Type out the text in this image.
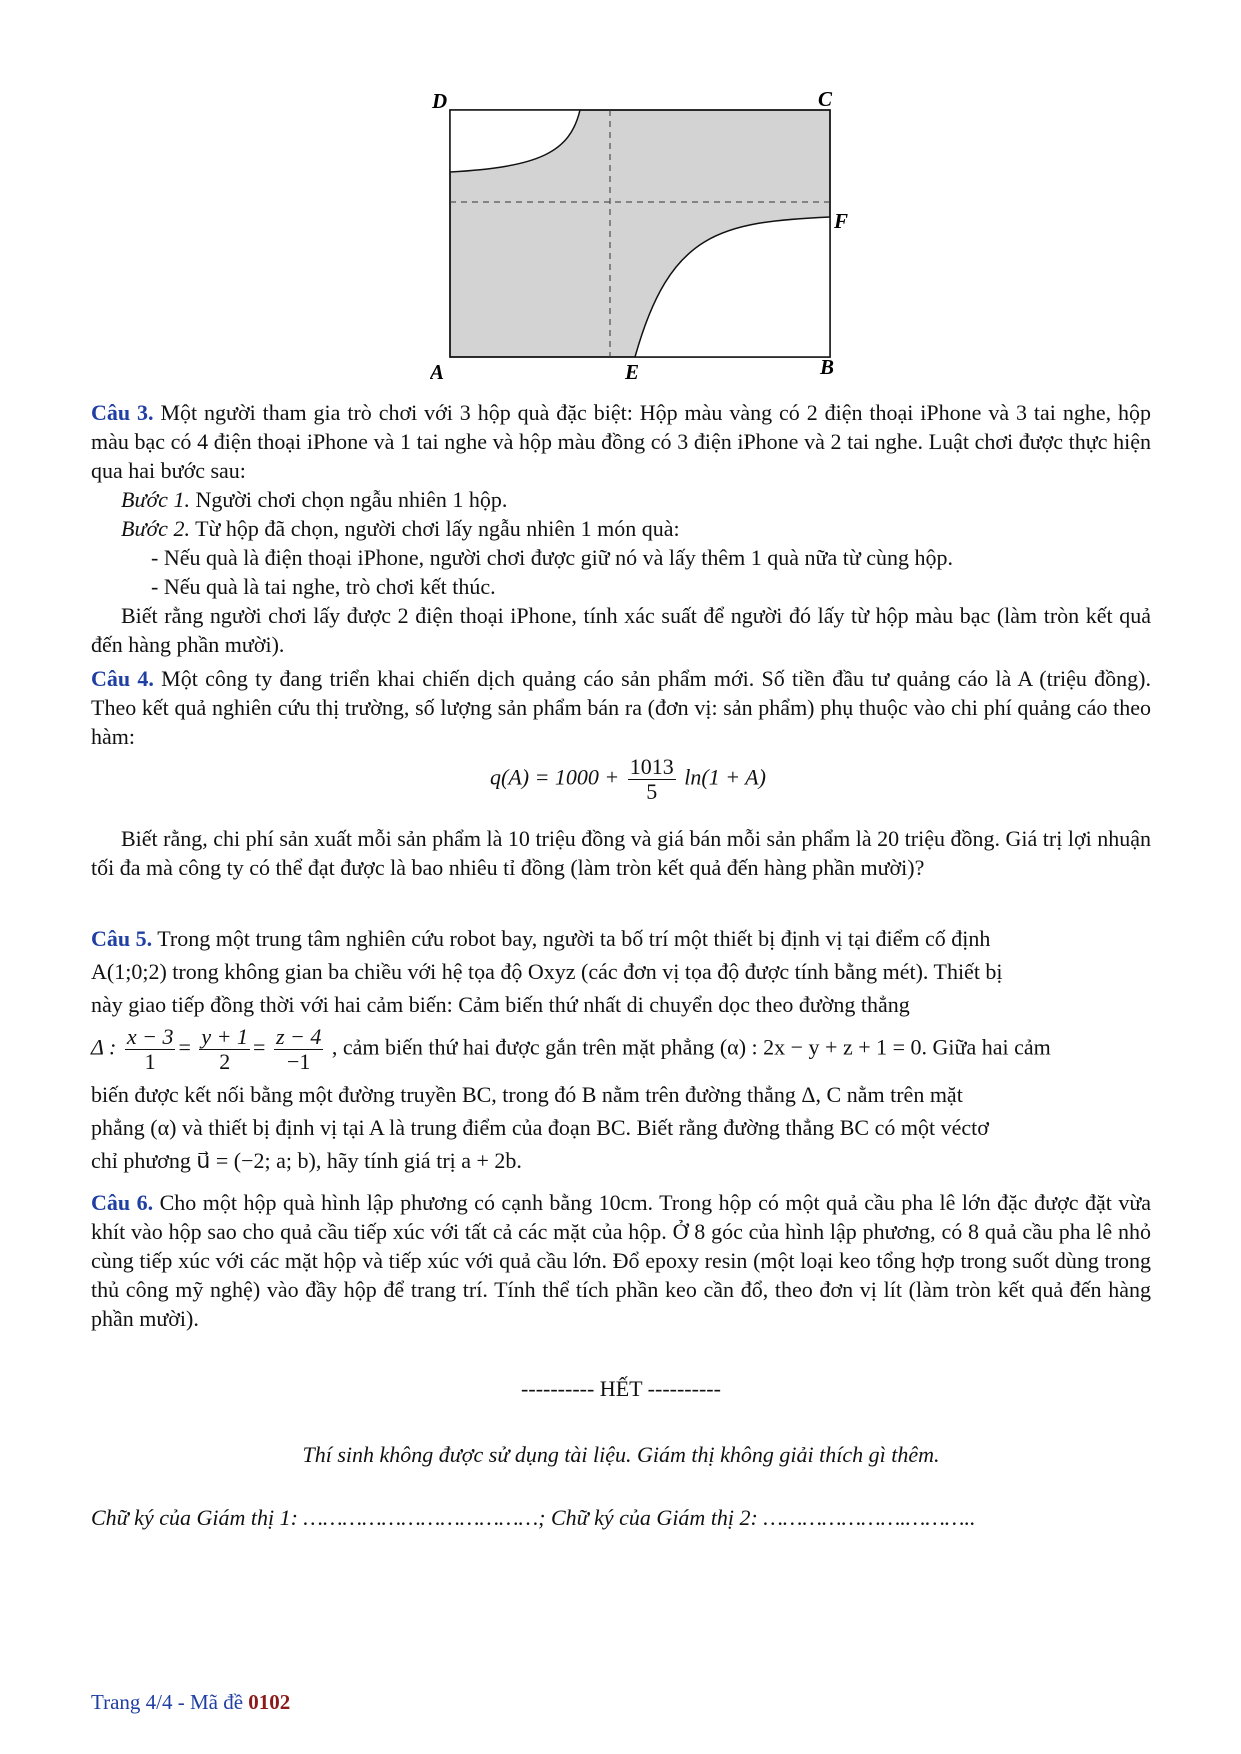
D	C
F
A	E	B
Câu 3. Một người tham gia trò chơi với 3 hộp quà đặc biệt: Hộp màu vàng có 2 điện thoại iPhone và 3 tai nghe, hộp màu bạc có 4 điện thoại iPhone và 1 tai nghe và hộp màu đồng có 3 điện iPhone và 2 tai nghe. Luật chơi được thực hiện qua hai bước sau:
Bước 1. Người chơi chọn ngẫu nhiên 1 hộp.
Bước 2. Từ hộp đã chọn, người chơi lấy ngẫu nhiên 1 món quà:
- Nếu quà là điện thoại iPhone, người chơi được giữ nó và lấy thêm 1 quà nữa từ cùng hộp.
- Nếu quà là tai nghe, trò chơi kết thúc.
Biết rằng người chơi lấy được 2 điện thoại iPhone, tính xác suất để người đó lấy từ hộp màu bạc (làm tròn kết quả đến hàng phần mười).
Câu 4. Một công ty đang triển khai chiến dịch quảng cáo sản phẩm mới. Số tiền đầu tư quảng cáo là A (triệu đồng). Theo kết quả nghiên cứu thị trường, số lượng sản phẩm bán ra (đơn vị: sản phẩm) phụ thuộc vào chi phí quảng cáo theo hàm:
$q(A) = 1000 + \frac{1013}{5} \ln(1 + A)$
Biết rằng, chi phí sản xuất mỗi sản phẩm là 10 triệu đồng và giá bán mỗi sản phẩm là 20 triệu đồng. Giá trị lợi nhuận tối đa mà công ty có thể đạt được là bao nhiêu tỉ đồng (làm tròn kết quả đến hàng phần mười)?
Câu 5. Trong một trung tâm nghiên cứu robot bay, người ta bố trí một thiết bị định vị tại điểm cố định
A(1;0;2) trong không gian ba chiều với hệ tọa độ Oxyz (các đơn vị tọa độ được tính bằng mét). Thiết bị
này giao tiếp đồng thời với hai cảm biến: Cảm biến thứ nhất di chuyển dọc theo đường thẳng
Δ : $\frac{x - 3}{1} = \frac{y + 1}{2} = \frac{z - 4}{-1}$ , cảm biến thứ hai được gắn trên mặt phẳng (α) : 2x − y + z + 1 = 0. Giữa hai cảm
biến được kết nối bằng một đường truyền BC, trong đó B nằm trên đường thẳng Δ, C nằm trên mặt
phẳng (α) và thiết bị định vị tại A là trung điểm của đoạn BC. Biết rằng đường thẳng BC có một véctơ
chỉ phương u⃗ = (−2; a; b), hãy tính giá trị a + 2b.
Câu 6. Cho một hộp quà hình lập phương có cạnh bằng 10cm. Trong hộp có một quả cầu pha lê lớn đặc được đặt vừa khít vào hộp sao cho quả cầu tiếp xúc với tất cả các mặt của hộp. Ở 8 góc của hình lập phương, có 8 quả cầu pha lê nhỏ cùng tiếp xúc với các mặt hộp và tiếp xúc với quả cầu lớn. Đổ epoxy resin (một loại keo tổng hợp trong suốt dùng trong thủ công mỹ nghệ) vào đầy hộp để trang trí. Tính thể tích phần keo cần đổ, theo đơn vị lít (làm tròn kết quả đến hàng phần mười).
---------- HẾT ----------
Thí sinh không được sử dụng tài liệu. Giám thị không giải thích gì thêm.
Chữ ký của Giám thị 1: ………………………………; Chữ ký của Giám thị 2: ………………….………..
Trang 4/4 - Mã đề 0102
